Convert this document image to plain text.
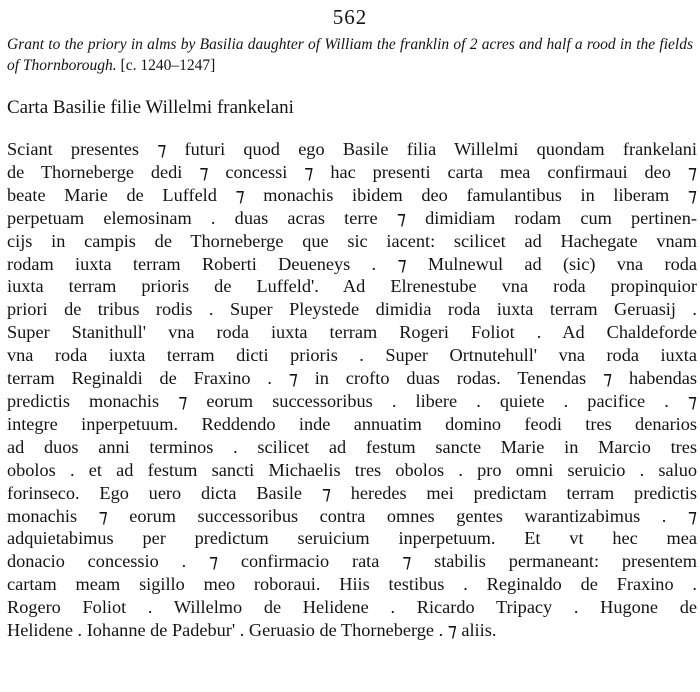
562
Grant to the priory in alms by Basilia daughter of William the franklin of 2 acres and half a rood in the fields of Thornborough. [c. 1240–1247]
Carta Basilie filie Willelmi frankelani
Sciant presentes ⁊ futuri quod ego Basile filia Willelmi quondam frankelani
de Thorneberge dedi ⁊ concessi ⁊ hac presenti carta mea confirmaui deo ⁊
beate Marie de Luffeld ⁊ monachis ibidem deo famulantibus in liberam ⁊
perpetuam elemosinam . duas acras terre ⁊ dimidiam rodam cum pertinen-
cijs in campis de Thorneberge que sic iacent: scilicet ad Hachegate vnam
rodam iuxta terram Roberti Deueneys . ⁊ Mulnewul ad (sic) vna roda
iuxta terram prioris de Luffeld'. Ad Elrenestube vna roda propinquior
priori de tribus rodis . Super Pleystede dimidia roda iuxta terram Geruasij .
Super Stanithull' vna roda iuxta terram Rogeri Foliot . Ad Chaldeforde
vna roda iuxta terram dicti prioris . Super Ortnutehull' vna roda iuxta
terram Reginaldi de Fraxino . ⁊ in crofto duas rodas. Tenendas ⁊ habendas
predictis monachis ⁊ eorum successoribus . libere . quiete . pacifice . ⁊
integre inperpetuum. Reddendo inde annuatim domino feodi tres denarios
ad duos anni terminos . scilicet ad festum sancte Marie in Marcio tres
obolos . et ad festum sancti Michaelis tres obolos . pro omni seruicio . saluo
forinseco. Ego uero dicta Basile ⁊ heredes mei predictam terram predictis
monachis ⁊ eorum successoribus contra omnes gentes warantizabimus . ⁊
adquietabimus per predictum seruicium inperpetuum. Et vt hec mea
donacio concessio . ⁊ confirmacio rata ⁊ stabilis permaneant: presentem
cartam meam sigillo meo roboraui. Hiis testibus . Reginaldo de Fraxino .
Rogero Foliot . Willelmo de Helidene . Ricardo Tripacy . Hugone de
Helidene . Iohanne de Padebur' . Geruasio de Thorneberge . ⁊ aliis.
